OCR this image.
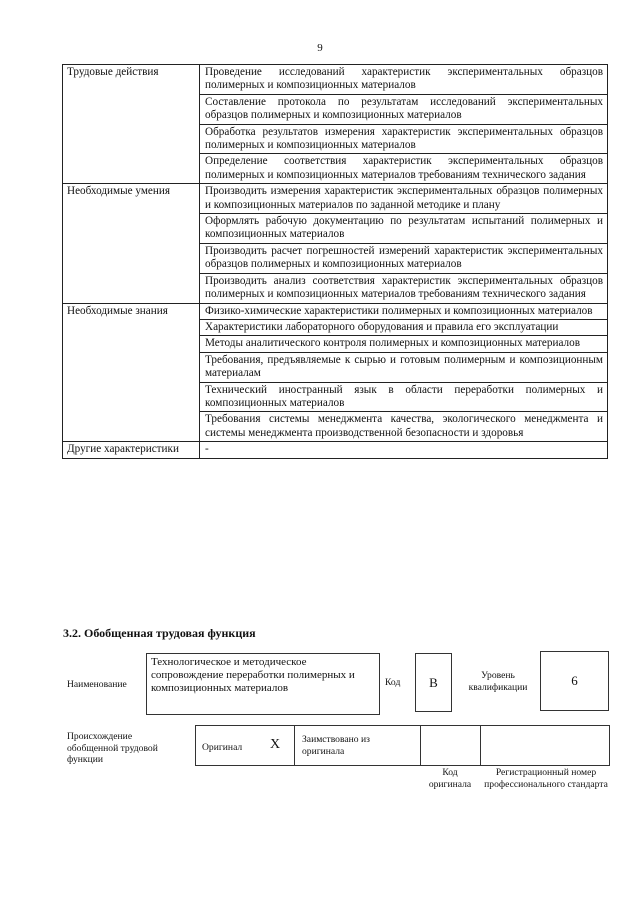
9
Трудовые действия	Проведение исследований характеристик экспериментальных образцов полимерных и композиционных материалов
	Составление протокола по результатам исследований экспериментальных образцов полимерных и композиционных материалов
	Обработка результатов измерения характеристик экспериментальных образцов полимерных и композиционных материалов
	Определение соответствия характеристик экспериментальных образцов полимерных и композиционных материалов требованиям технического задания
Необходимые умения	Производить измерения характеристик экспериментальных образцов полимерных и композиционных материалов по заданной методике и плану
	Оформлять рабочую документацию по результатам испытаний полимерных и композиционных материалов
	Производить расчет погрешностей измерений характеристик экспериментальных образцов полимерных и композиционных материалов
	Производить анализ соответствия характеристик экспериментальных образцов полимерных и композиционных материалов требованиям технического задания
Необходимые знания	Физико-химические характеристики полимерных и композиционных материалов
	Характеристики лабораторного оборудования и правила его эксплуатации
	Методы аналитического контроля полимерных и композиционных материалов
	Требования, предъявляемые к сырью и готовым полимерным и композиционным материалам
	Технический иностранный язык в области переработки полимерных и композиционных материалов
	Требования системы менеджмента качества, экологического менеджмента и системы менеджмента производственной безопасности и здоровья
Другие характеристики	-
3.2. Обобщенная трудовая функция
Наименование
Технологическое и методическое сопровождение переработки полимерных и композиционных материалов	Код	B	Уровень квалификации	6
Происхождение обобщенной трудовой функции
Оригинал X Заимствовано из оригинала
Код оригинала
Регистрационный номер профессионального стандарта
